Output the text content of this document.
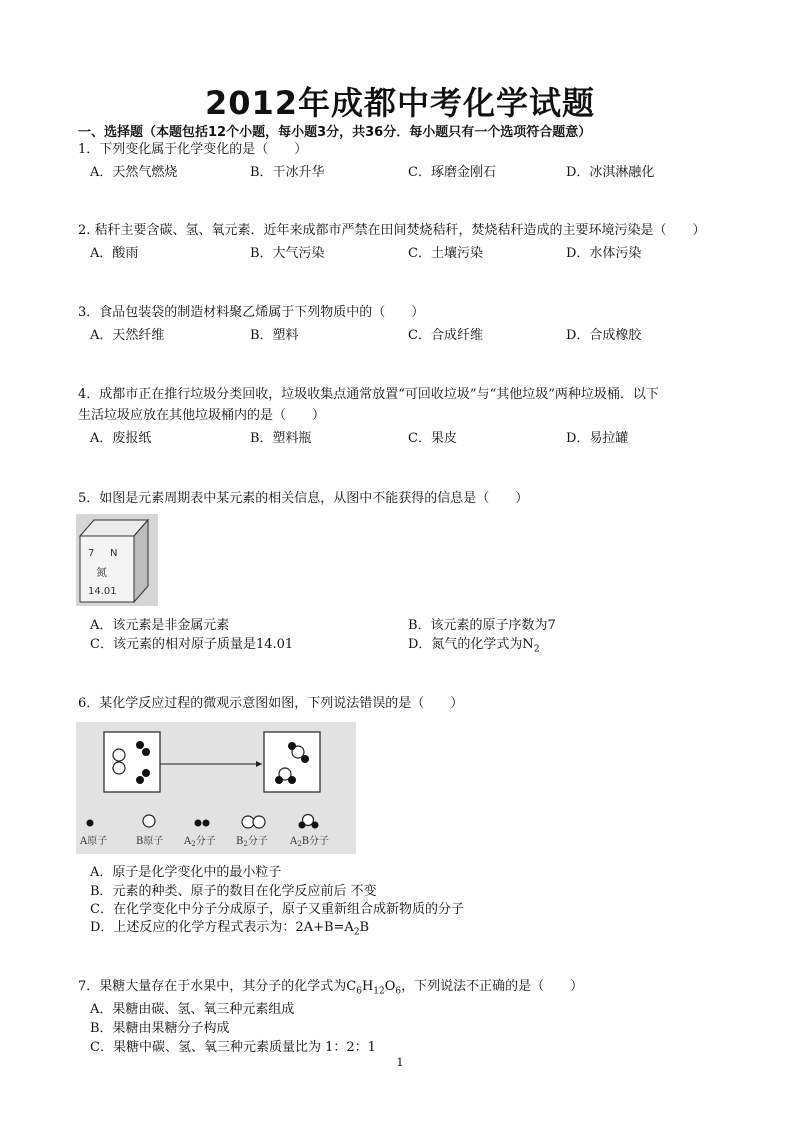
2012年成都中考化学试题
一、选择题（本题包括12个小题，每小题3分，共36分．每小题只有一个选项符合题意）
1．下列变化属于化学变化的是（　　）
A．天然气燃烧	B．干冰升华	C．琢磨金刚石	D．冰淇淋融化
2. 秸秆主要含碳、氢、氧元素．近年来成都市严禁在田间焚烧秸秆，焚烧秸秆造成的主要环境污染是（　　）
A．酸雨	B．大气污染	C．土壤污染	D．水体污染
3．食品包装袋的制造材料聚乙烯属于下列物质中的（　　）
A．天然纤维	B．塑料	C．合成纤维	D．合成橡胶
4．成都市正在推行垃圾分类回收，垃圾收集点通常放置“可回收垃圾”与“其他垃圾”两种垃圾桶．以下
生活垃圾应放在其他垃圾桶内的是（　　）
A．废报纸	B．塑料瓶	C．果皮	D．易拉罐
5．如图是元素周期表中某元素的相关信息，从图中不能获得的信息是（　　）
7 N
氮
14.01
A．该元素是非金属元素	B．该元素的原子序数为7
C．该元素的相对原子质量是14.01	D．氮气的化学式为$N_2$
6．某化学反应过程的微观示意图如图，下列说法错误的是（　　）
A原子	B原子 $A_2$分子 $B_2$分子 $A_2B$分子
A．原子是化学变化中的最小粒子
B．元素的种类、原子的数目在化学反应前后 不变
C．在化学变化中分子分成原子，原子又重新组合成新物质的分子
D．上述反应的化学方程式表示为：$2A+B=A_2B$
7．果糖大量存在于水果中，其分子的化学式为$C_6H_{12}O_6$，下列说法不正确的是（　　）
A．果糖由碳、氢、氧三种元素组成
B．果糖由果糖分子构成
C．果糖中碳、氢、氧三种元素质量比为 1：2：1
1
